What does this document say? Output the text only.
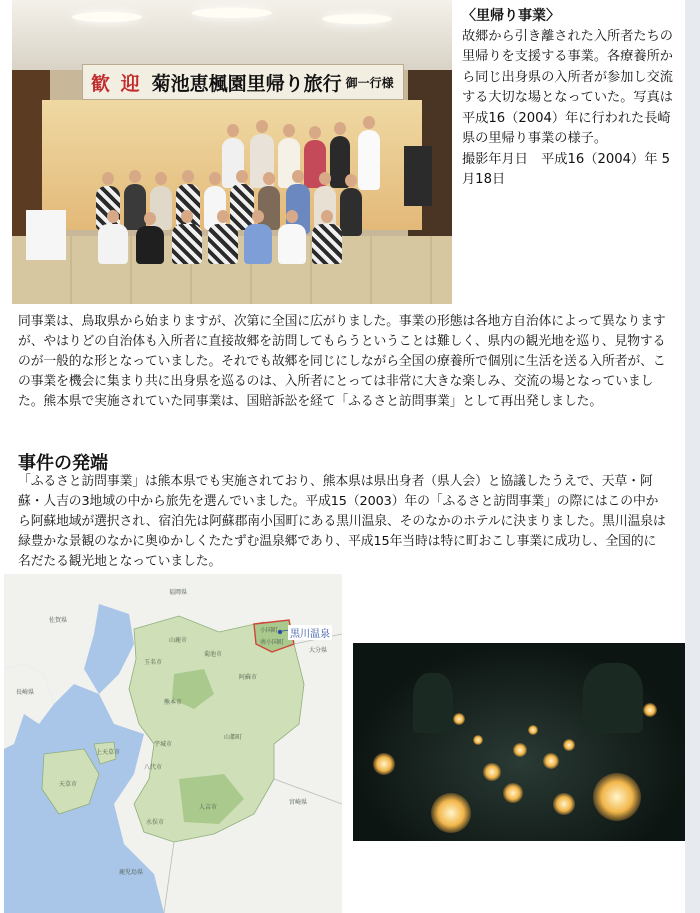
歓 迎 菊池恵楓園里帰り旅行 御一行様
〈里帰り事業〉
故郷から引き離された入所者たちの里帰りを支援する事業。各療養所から同じ出身県の入所者が参加し交流する大切な場となっていた。写真は平成16（2004）年に行われた長崎県の里帰り事業の様子。
撮影年月日　平成16（2004）年 5月18日

同事業は、鳥取県から始まりますが、次第に全国に広がりました。事業の形態は各地方自治体によって異なりますが、やはりどの自治体も入所者に直接故郷を訪問してもらうということは難しく、県内の観光地を巡り、見物するのが一般的な形となっていました。それでも故郷を同じにしながら全国の療養所で個別に生活を送る入所者が、この事業を機会に集まり共に出身県を巡るのは、入所者にとっては非常に大きな楽しみ、交流の場となっていました。熊本県で実施されていた同事業は、国賠訴訟を経て「ふるさと訪問事業」として再出発しました。

事件の発端

「ふるさと訪問事業」は熊本県でも実施されており、熊本県は県出身者（県人会）と協議したうえで、天草・阿蘇・人吉の3地域の中から旅先を選んでいました。平成15（2003）年の「ふるさと訪問事業」の際にはこの中から阿蘇地域が選択され、宿泊先は阿蘇郡南小国町にある黒川温泉、そのなかのホテルに決まりました。黒川温泉は緑豊かな景観のなかに奥ゆかしくたたずむ温泉郷であり、平成15年当時は特に町おこし事業に成功し、全国的に名だたる観光地となっていました。

福岡県
佐賀県
長崎県
大分県
小国町
南小国町
熊本市
阿蘇市
宇城市
八代市
天草市
上天草市
山都町
人吉市
水俣市
宮崎県
鹿児島県
玉名市
菊池市
山鹿市
黒川温泉
